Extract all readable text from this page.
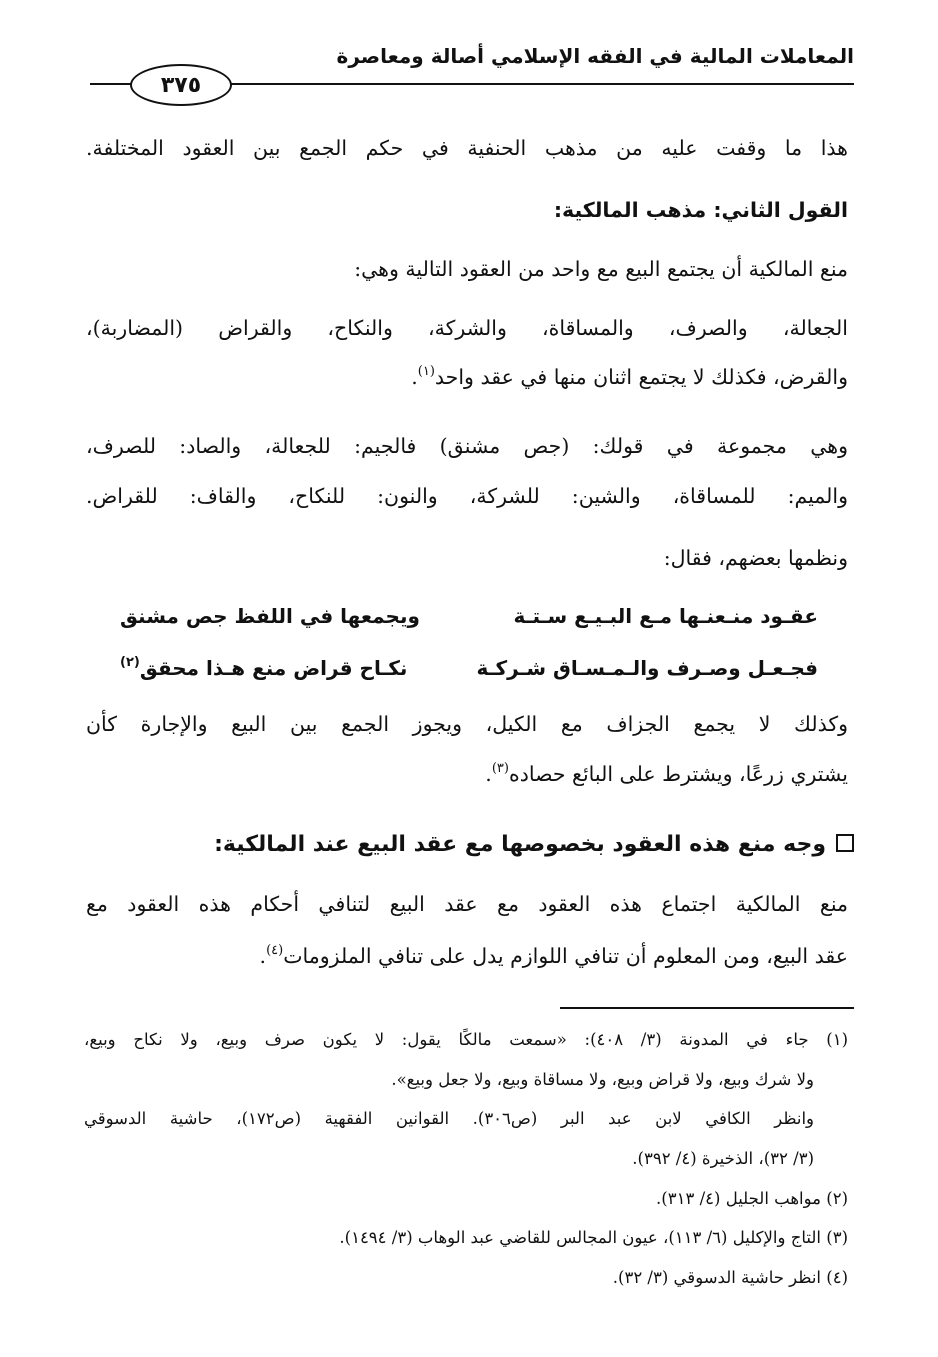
المعاملات المالية في الفقه الإسلامي أصالة ومعاصرة
٣٧٥
هذا ما وقفت عليه من مذهب الحنفية في حكم الجمع بين العقود المختلفة.
القول الثاني: مذهب المالكية:
منع المالكية أن يجتمع البيع مع واحد من العقود التالية وهي:
الجعالة، والصرف، والمساقاة، والشركة، والنكاح، والقراض (المضاربة)،
والقرض، فكذلك لا يجتمع اثنان منها في عقد واحد$^{(١)}$.
وهي مجموعة في قولك: (جص مشنق) فالجيم: للجعالة، والصاد: للصرف،
والميم: للمساقاة، والشين: للشركة، والنون: للنكاح، والقاف: للقراض.
ونظمها بعضهم، فقال:
عقـود منـعنـها مـع البـيـع سـتـة
ويجمعها في اللفظ جص مشنق
فجـعـل وصـرف والـمـسـاق شـركـة
نكـاح قراض منع هـذا محقق$^{(٢)}$
وكذلك لا يجمع الجزاف مع الكيل، ويجوز الجمع بين البيع والإجارة كأن
يشتري زرعًا، ويشترط على البائع حصاده$^{(٣)}$.
وجه منع هذه العقود بخصوصها مع عقد البيع عند المالكية:
منع المالكية اجتماع هذه العقود مع عقد البيع لتنافي أحكام هذه العقود مع
عقد البيع، ومن المعلوم أن تنافي اللوازم يدل على تنافي الملزومات$^{(٤)}$.
(١) جاء في المدونة (٣/ ٤٠٨): «سمعت مالكًا يقول: لا يكون صرف وبيع، ولا نكاح وبيع،
ولا شرك وبيع، ولا قراض وبيع، ولا مساقاة وبيع، ولا جعل وبيع».
وانظر الكافي لابن عبد البر (ص٣٠٦). القوانين الفقهية (ص١٧٢)، حاشية الدسوقي
(٣/ ٣٢)، الذخيرة (٤/ ٣٩٢).
(٢) مواهب الجليل (٤/ ٣١٣).
(٣) التاج والإكليل (٦/ ١١٣)، عيون المجالس للقاضي عبد الوهاب (٣/ ١٤٩٤).
(٤) انظر حاشية الدسوقي (٣/ ٣٢).
